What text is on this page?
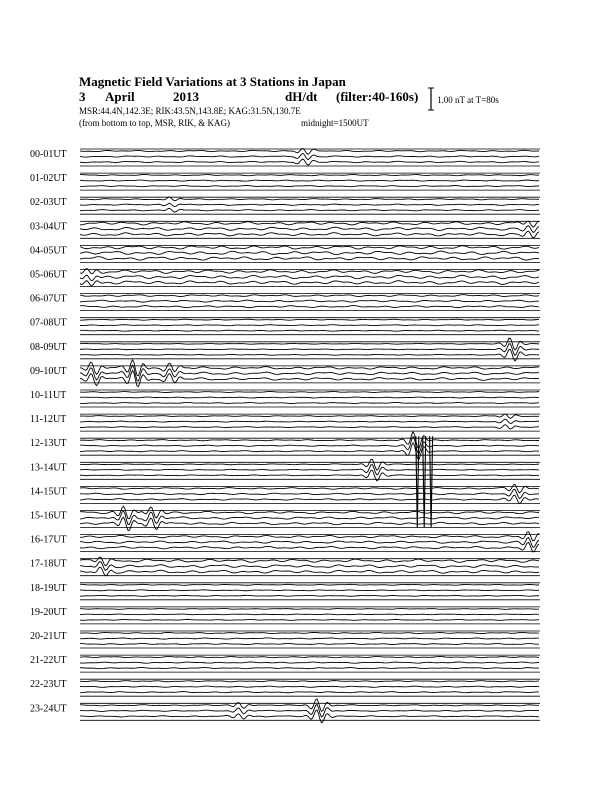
Magnetic Field Variations at 3 Stations in Japan
3 April	2013	dH/dt (filter:40-160s)
MSR:44.4N,142.3E; RIK:43.5N,143.8E; KAG:31.5N,130.7E
(from bottom to top, MSR, RIK, & KAG)	midnight=1500UT
1.00 nT at T=80s
00-01UT
01-02UT
02-03UT
03-04UT
04-05UT
05-06UT
06-07UT
07-08UT
08-09UT
09-10UT
10-11UT
11-12UT
12-13UT
13-14UT
14-15UT
15-16UT
16-17UT
17-18UT
18-19UT
19-20UT
20-21UT
21-22UT
22-23UT
23-24UT
